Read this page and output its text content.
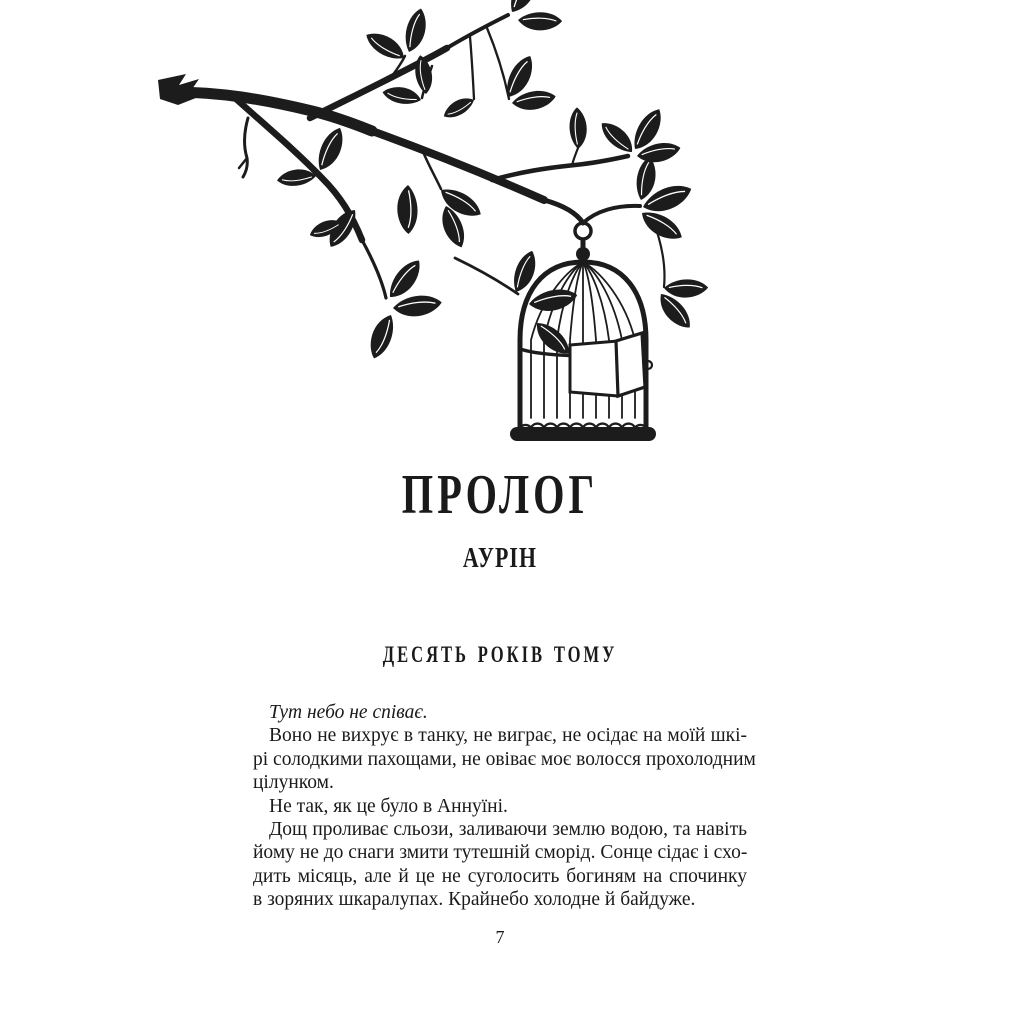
ПРОЛОГ
АУРІН
ДЕСЯТЬ РОКІВ ТОМУ
Тут небо не співає.
Воно не вихрує в танку, не виграє, не осідає на моїй шкі-
рі солодкими пахощами, не овіває моє волосся прохолодним
цілунком.
Не так, як це було в Аннуїні.
Дощ проливає сльози, заливаючи землю водою, та навіть
йому не до снаги змити тутешній сморід. Сонце сідає і схо-
дить місяць, але й це не суголосить богиням на спочинку
в зоряних шкаралупах. Крайнебо холодне й байдуже.
7
